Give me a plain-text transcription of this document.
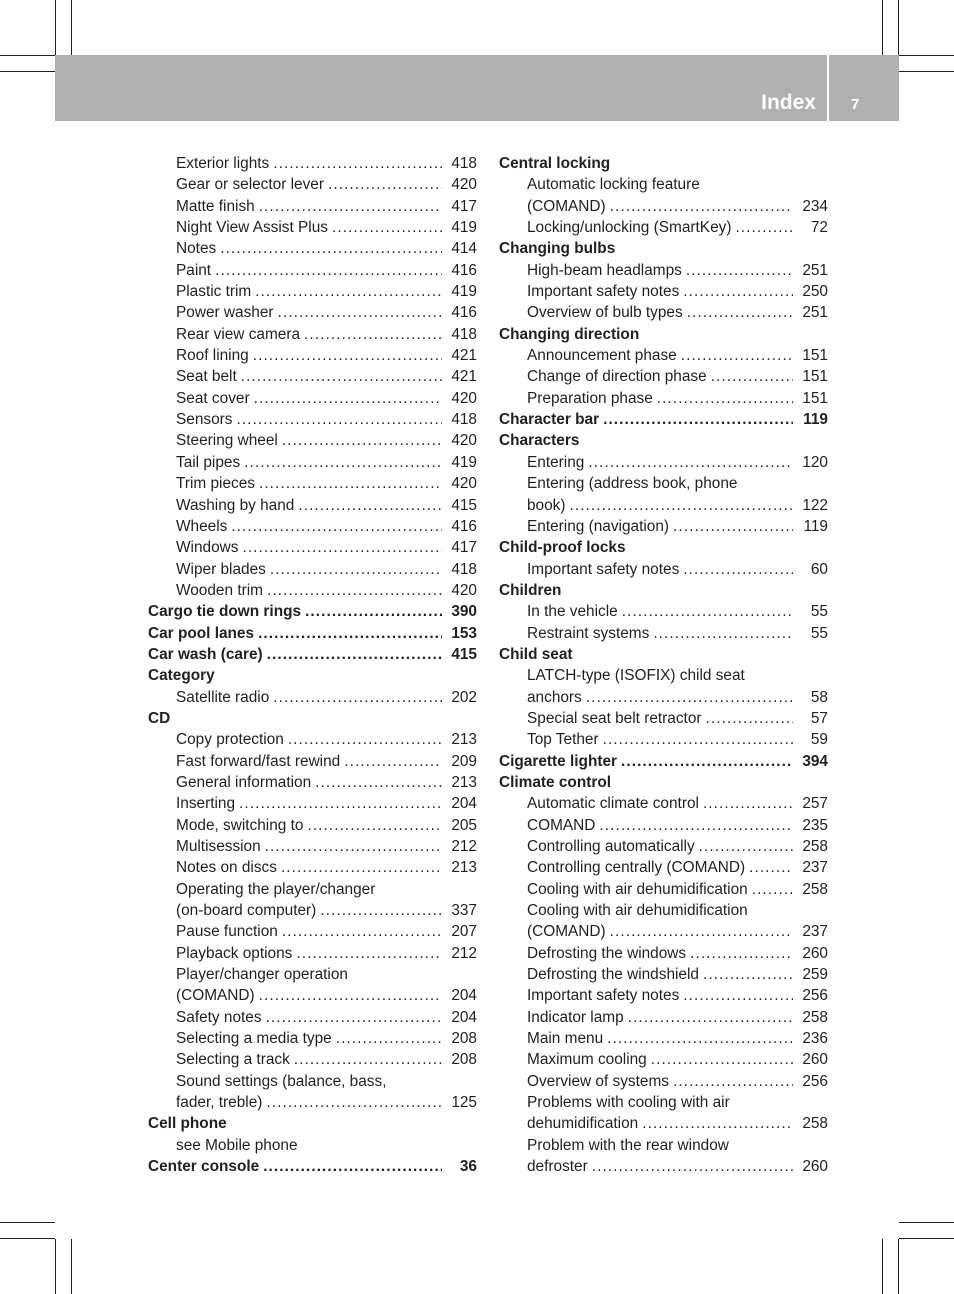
Index 7
Exterior lights . . .	418
Gear or selector lever . . .	420
Matte finish . . .	417
Night View Assist Plus . . .	419
Notes . . .	414
Paint . . .	416
Plastic trim . . .	419
Power washer . . .	416
Rear view camera . . .	418
Roof lining . . .	421
Seat belt . . .	421
Seat cover . . .	420
Sensors . . .	418
Steering wheel . . .	420
Tail pipes . . .	419
Trim pieces . . .	420
Washing by hand . . .	415
Wheels . . .	416
Windows . . .	417
Wiper blades . . .	418
Wooden trim . . .	420
Cargo tie down rings . . .	390
Car pool lanes . . .	153
Car wash (care) . . .	415
Category
Satellite radio . . .	202
CD
Copy protection . . .	213
Fast forward/fast rewind . . .	209
General information . . .	213
Inserting . . .	204
Mode, switching to . . .	205
Multisession . . .	212
Notes on discs . . .	213
Operating the player/changer
(on-board computer) . . .	337
Pause function . . .	207
Playback options . . .	212
Player/changer operation
(COMAND) . . .	204
Safety notes . . .	204
Selecting a media type . . .	208
Selecting a track . . .	208
Sound settings (balance, bass,
fader, treble) . . .	125
Cell phone
see Mobile phone
Center console . . .	36
Central locking
Automatic locking feature
(COMAND) . . .	234
Locking/unlocking (SmartKey) . . .	72
Changing bulbs
High-beam headlamps . . .	251
Important safety notes . . .	250
Overview of bulb types . . .	251
Changing direction
Announcement phase . . .	151
Change of direction phase . . .	151
Preparation phase . . .	151
Character bar . . .	119
Characters
Entering . . .	120
Entering (address book, phone
book) . . .	122
Entering (navigation) . . .	119
Child-proof locks
Important safety notes . . .	60
Children
In the vehicle . . .	55
Restraint systems . . .	55
Child seat
LATCH-type (ISOFIX) child seat
anchors . . .	58
Special seat belt retractor . . .	57
Top Tether . . .	59
Cigarette lighter . . .	394
Climate control
Automatic climate control . . .	257
COMAND . . .	235
Controlling automatically . . .	258
Controlling centrally (COMAND) . . .	237
Cooling with air dehumidification . . .	258
Cooling with air dehumidification
(COMAND) . . .	237
Defrosting the windows . . .	260
Defrosting the windshield . . .	259
Important safety notes . . .	256
Indicator lamp . . .	258
Main menu . . .	236
Maximum cooling . . .	260
Overview of systems . . .	256
Problems with cooling with air
dehumidification . . .	258
Problem with the rear window
defroster . . .	260
